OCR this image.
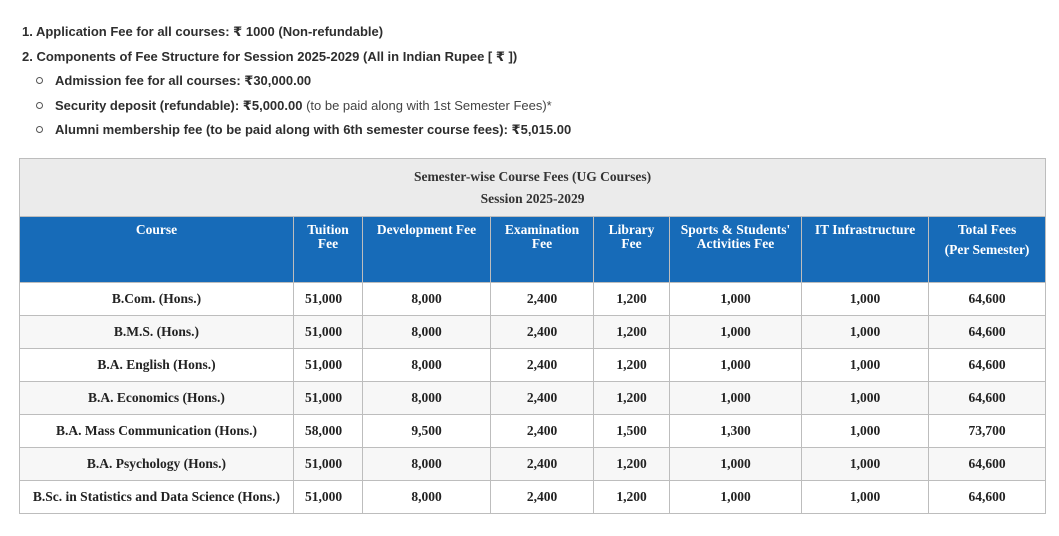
1. Application Fee for all courses: ₹ 1000 (Non-refundable)
2. Components of Fee Structure for Session 2025-2029 (All in Indian Rupee [ ₹ ])
Admission fee for all courses: ₹30,000.00
Security deposit (refundable): ₹5,000.00 (to be paid along with 1st Semester Fees)*
Alumni membership fee (to be paid along with 6th semester course fees): ₹5,015.00
Semester-wise Course Fees (UG Courses)
Session 2025-2029							

Course	Tuition Fee	Development Fee	Examination Fee	Library Fee	Sports & Students' Activities Fee	IT Infrastructure	Total Fees
(Per Semester)

B.Com. (Hons.)	51,000	8,000	2,400	1,200	1,000	1,000	64,600
B.M.S. (Hons.)	51,000	8,000	2,400	1,200	1,000	1,000	64,600
B.A. English (Hons.)	51,000	8,000	2,400	1,200	1,000	1,000	64,600
B.A. Economics (Hons.)	51,000	8,000	2,400	1,200	1,000	1,000	64,600
B.A. Mass Communication (Hons.)	58,000	9,500	2,400	1,500	1,300	1,000	73,700
B.A. Psychology (Hons.)	51,000	8,000	2,400	1,200	1,000	1,000	64,600
B.Sc. in Statistics and Data Science (Hons.)	51,000	8,000	2,400	1,200	1,000	1,000	64,600
